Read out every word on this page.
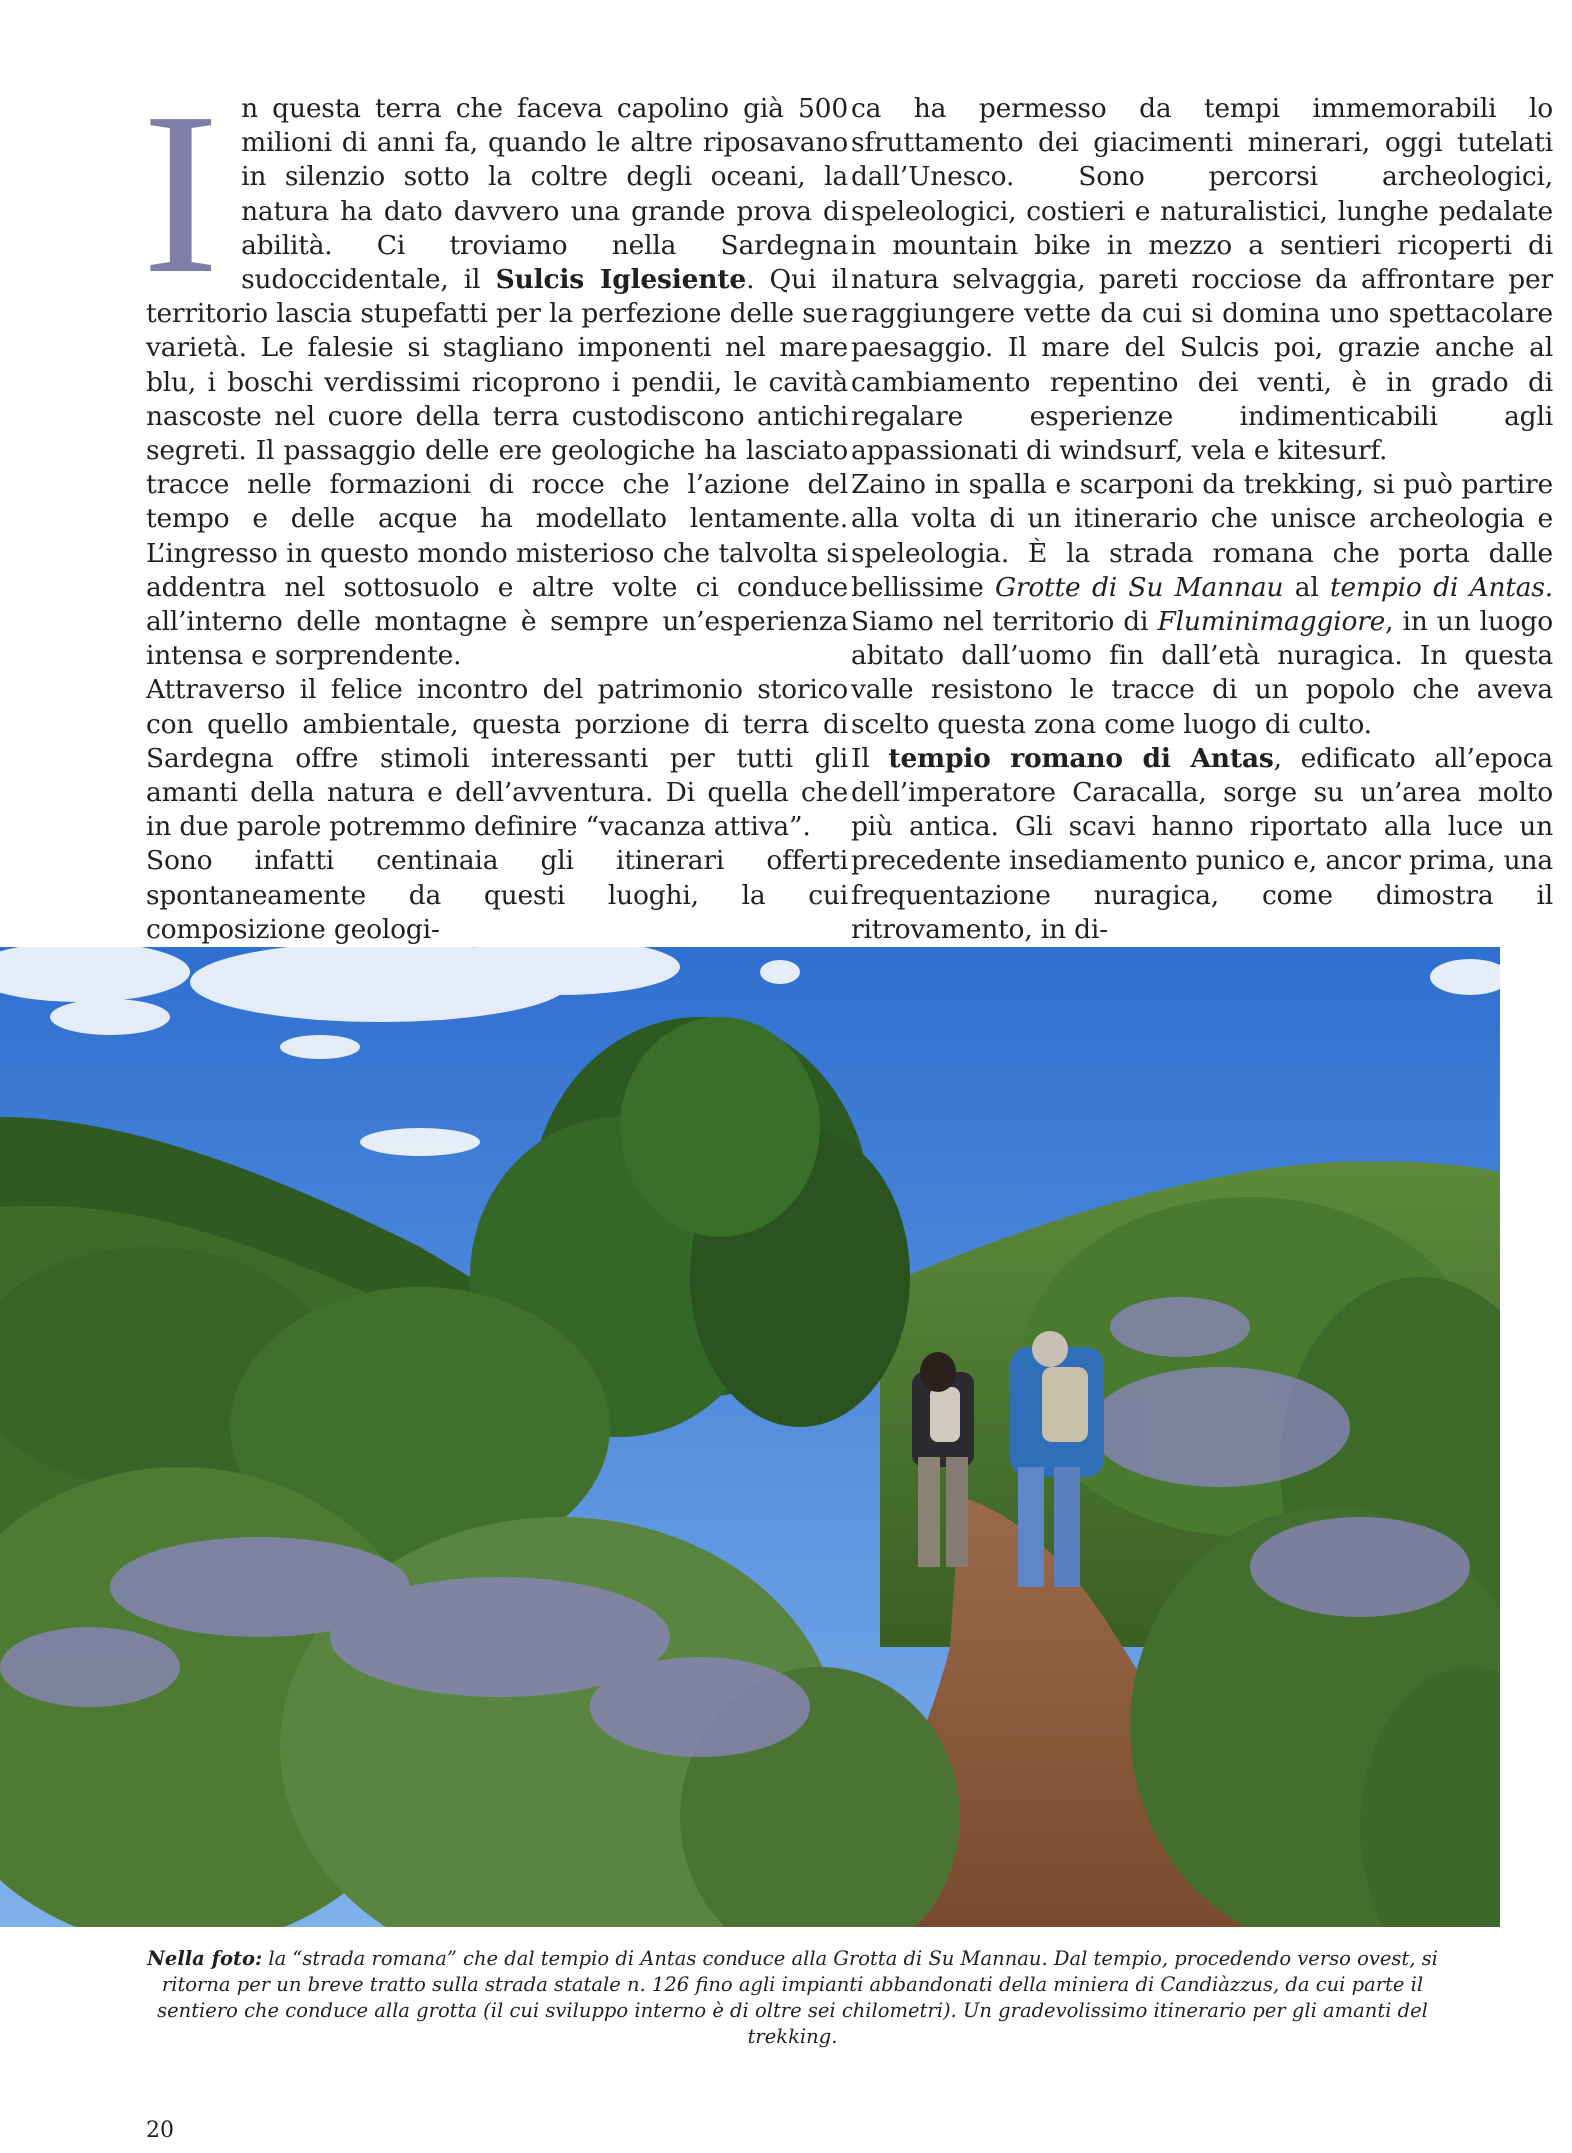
In questa terra che faceva capolino già 500 milioni di anni fa, quando le altre riposavano in silenzio sotto la coltre degli oceani, la natura ha dato davvero una grande prova di abilità. Ci troviamo nella Sardegna sudoccidentale, il Sulcis Iglesiente. Qui il territorio lascia stupefatti per la perfezione delle sue varietà. Le falesie si stagliano imponenti nel mare blu, i boschi verdissimi ricoprono i pendii, le cavità nascoste nel cuore della terra custodiscono antichi segreti. Il passaggio delle ere geologiche ha lasciato tracce nelle formazioni di rocce che l’azione del tempo e delle acque ha modellato lentamente. L’ingresso in questo mondo misterioso che talvolta si addentra nel sottosuolo e altre volte ci conduce all’interno delle montagne è sempre un’esperienza intensa e sorprendente.

Attraverso il felice incontro del patrimonio storico con quello ambientale, questa porzione di terra di Sardegna offre stimoli interessanti per tutti gli amanti della natura e dell’avventura. Di quella che in due parole potremmo definire “vacanza attiva”.

Sono infatti centinaia gli itinerari offerti spontaneamente da questi luoghi, la cui composizione geologi-

ca ha permesso da tempi immemorabili lo sfruttamento dei giacimenti minerari, oggi tutelati dall’Unesco. Sono percorsi archeologici, speleologici, costieri e naturalistici, lunghe pedalate in mountain bike in mezzo a sentieri ricoperti di natura selvaggia, pareti rocciose da affrontare per raggiungere vette da cui si domina uno spettacolare paesaggio. Il mare del Sulcis poi, grazie anche al cambiamento repentino dei venti, è in grado di regalare esperienze indimenticabili agli appassionati di windsurf, vela e kitesurf.

Zaino in spalla e scarponi da trekking, si può partire alla volta di un itinerario che unisce archeologia e speleologia. È la strada romana che porta dalle bellissime Grotte di Su Mannau al tempio di Antas. Siamo nel territorio di Fluminimaggiore, in un luogo abitato dall’uomo fin dall’età nuragica. In questa valle resistono le tracce di un popolo che aveva scelto questa zona come luogo di culto.

Il tempio romano di Antas, edificato all’epoca dell’imperatore Caracalla, sorge su un’area molto più antica. Gli scavi hanno riportato alla luce un precedente insediamento punico e, ancor prima, una frequentazione nuragica, come dimostra il ritrovamento, in di-

Nella foto: la “strada romana” che dal tempio di Antas conduce alla Grotta di Su Mannau. Dal tempio, procedendo verso ovest, si ritorna per un breve tratto sulla strada statale n. 126 fino agli impianti abbandonati della miniera di Candiàzzus, da cui parte il sentiero che conduce alla grotta (il cui sviluppo interno è di oltre sei chilometri). Un gradevolissimo itinerario per gli amanti del trekking.
20
